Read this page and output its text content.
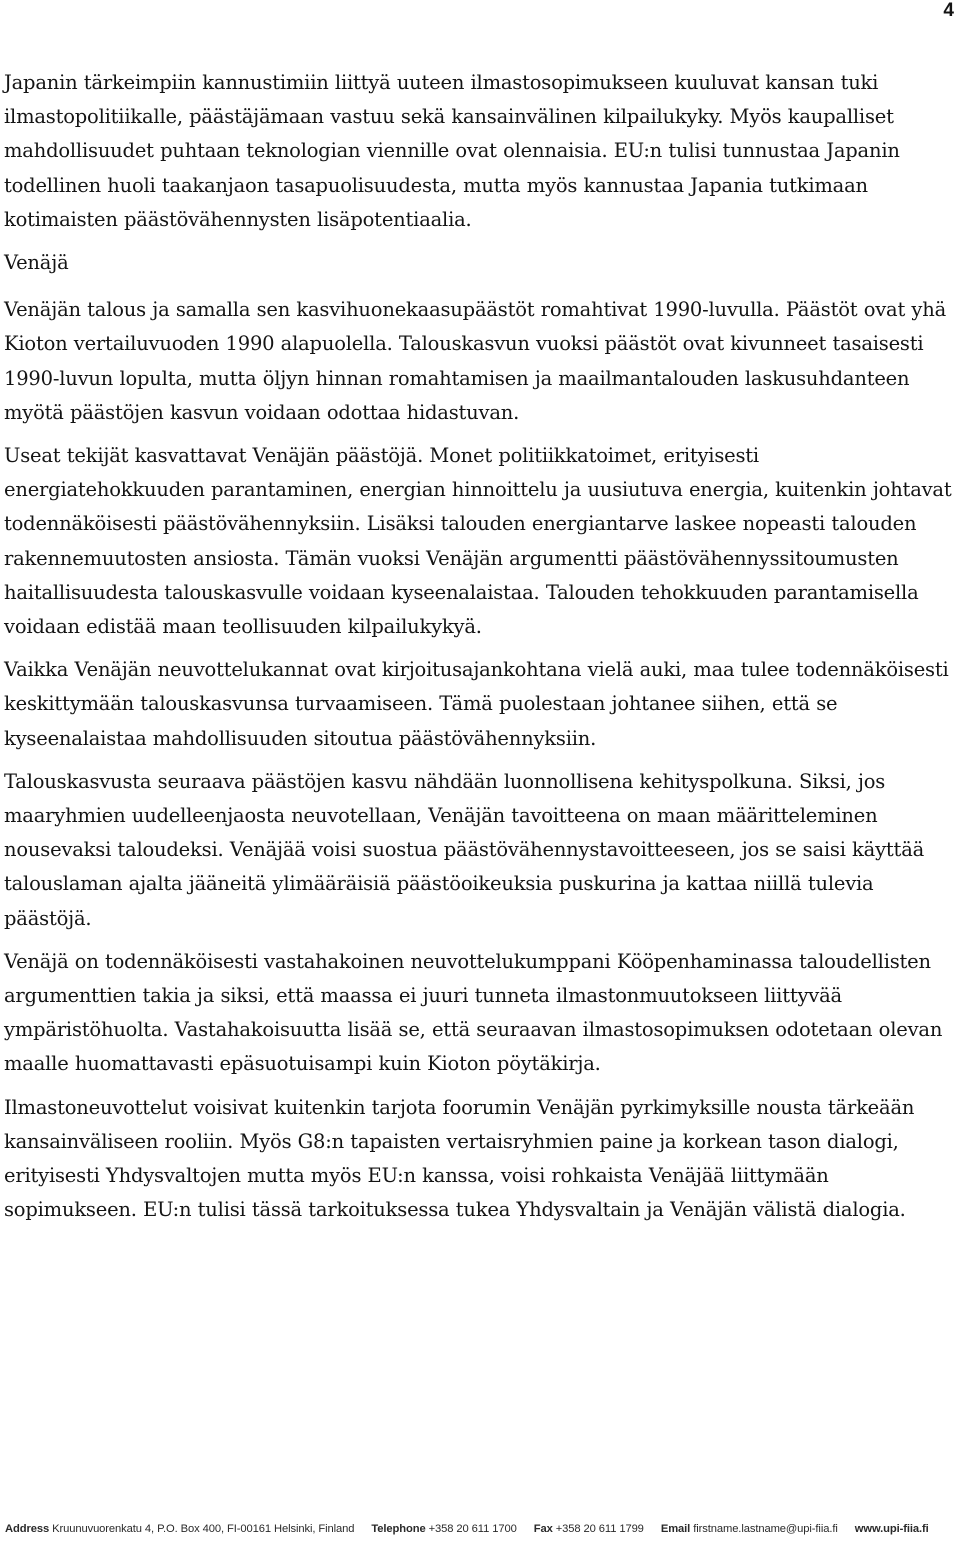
4

Japanin tärkeimpiin kannustimiin liittyä uuteen ilmastosopimukseen kuuluvat kansan tuki ilmastopolitiikalle, päästäjämaan vastuu sekä kansainvälinen kilpailukyky. Myös kaupalliset mahdollisuudet puhtaan teknologian viennille ovat olennaisia. EU:n tulisi tunnustaa Japanin todellinen huoli taakanjaon tasapuolisuudesta, mutta myös kannustaa Japania tutkimaan kotimaisten päästövähennysten lisäpotentiaalia.

Venäjä

Venäjän talous ja samalla sen kasvihuonekaasupäästöt romahtivat 1990-luvulla. Päästöt ovat yhä Kioton vertailuvuoden 1990 alapuolella. Talouskasvun vuoksi päästöt ovat kivunneet tasaisesti 1990-luvun lopulta, mutta öljyn hinnan romahtamisen ja maailmantalouden laskusuhdanteen myötä päästöjen kasvun voidaan odottaa hidastuvan.

Useat tekijät kasvattavat Venäjän päästöjä. Monet politiikkatoimet, erityisesti energiatehokkuuden parantaminen, energian hinnoittelu ja uusiutuva energia, kuitenkin johtavat todennäköisesti päästövähennyksiin. Lisäksi talouden energiantarve laskee nopeasti talouden rakennemuutosten ansiosta. Tämän vuoksi Venäjän argumentti päästövähennyssitoumusten haitallisuudesta talouskasvulle voidaan kyseenalaistaa. Talouden tehokkuuden parantamisella voidaan edistää maan teollisuuden kilpailukykyä.

Vaikka Venäjän neuvottelukannat ovat kirjoitusajankohtana vielä auki, maa tulee todennäköisesti keskittymään talouskasvunsa turvaamiseen. Tämä puolestaan johtanee siihen, että se kyseenalaistaa mahdollisuuden sitoutua päästövähennyksiin.

Talouskasvusta seuraava päästöjen kasvu nähdään luonnollisena kehityspolkuna. Siksi, jos maaryhmien uudelleenjaosta neuvotellaan, Venäjän tavoitteena on maan määritteleminen nousevaksi taloudeksi. Venäjää voisi suostua päästövähennystavoitteeseen, jos se saisi käyttää talouslaman ajalta jääneitä ylimääräisiä päästöoikeuksia puskurina ja kattaa niillä tulevia päästöjä.

Venäjä on todennäköisesti vastahakoinen neuvottelukumppani Kööpenhaminassa taloudellisten argumenttien takia ja siksi, että maassa ei juuri tunneta ilmastonmuutokseen liittyvää ympäristöhuolta. Vastahakoisuutta lisää se, että seuraavan ilmastosopimuksen odotetaan olevan maalle huomattavasti epäsuotuisampi kuin Kioton pöytäkirja.

Ilmastoneuvottelut voisivat kuitenkin tarjota foorumin Venäjän pyrkimyksille nousta tärkeään kansainväliseen rooliin. Myös G8:n tapaisten vertaisryhmien paine ja korkean tason dialogi, erityisesti Yhdysvaltojen mutta myös EU:n kanssa, voisi rohkaista Venäjää liittymään sopimukseen. EU:n tulisi tässä tarkoituksessa tukea Yhdysvaltain ja Venäjän välistä dialogia.

Address Kruunuvuorenkatu 4, P.O. Box 400, FI-00161 Helsinki, Finland Telephone +358 20 611 1700 Fax +358 20 611 1799 Email firstname.lastname@upi-fiia.fi www.upi-fiia.fi
